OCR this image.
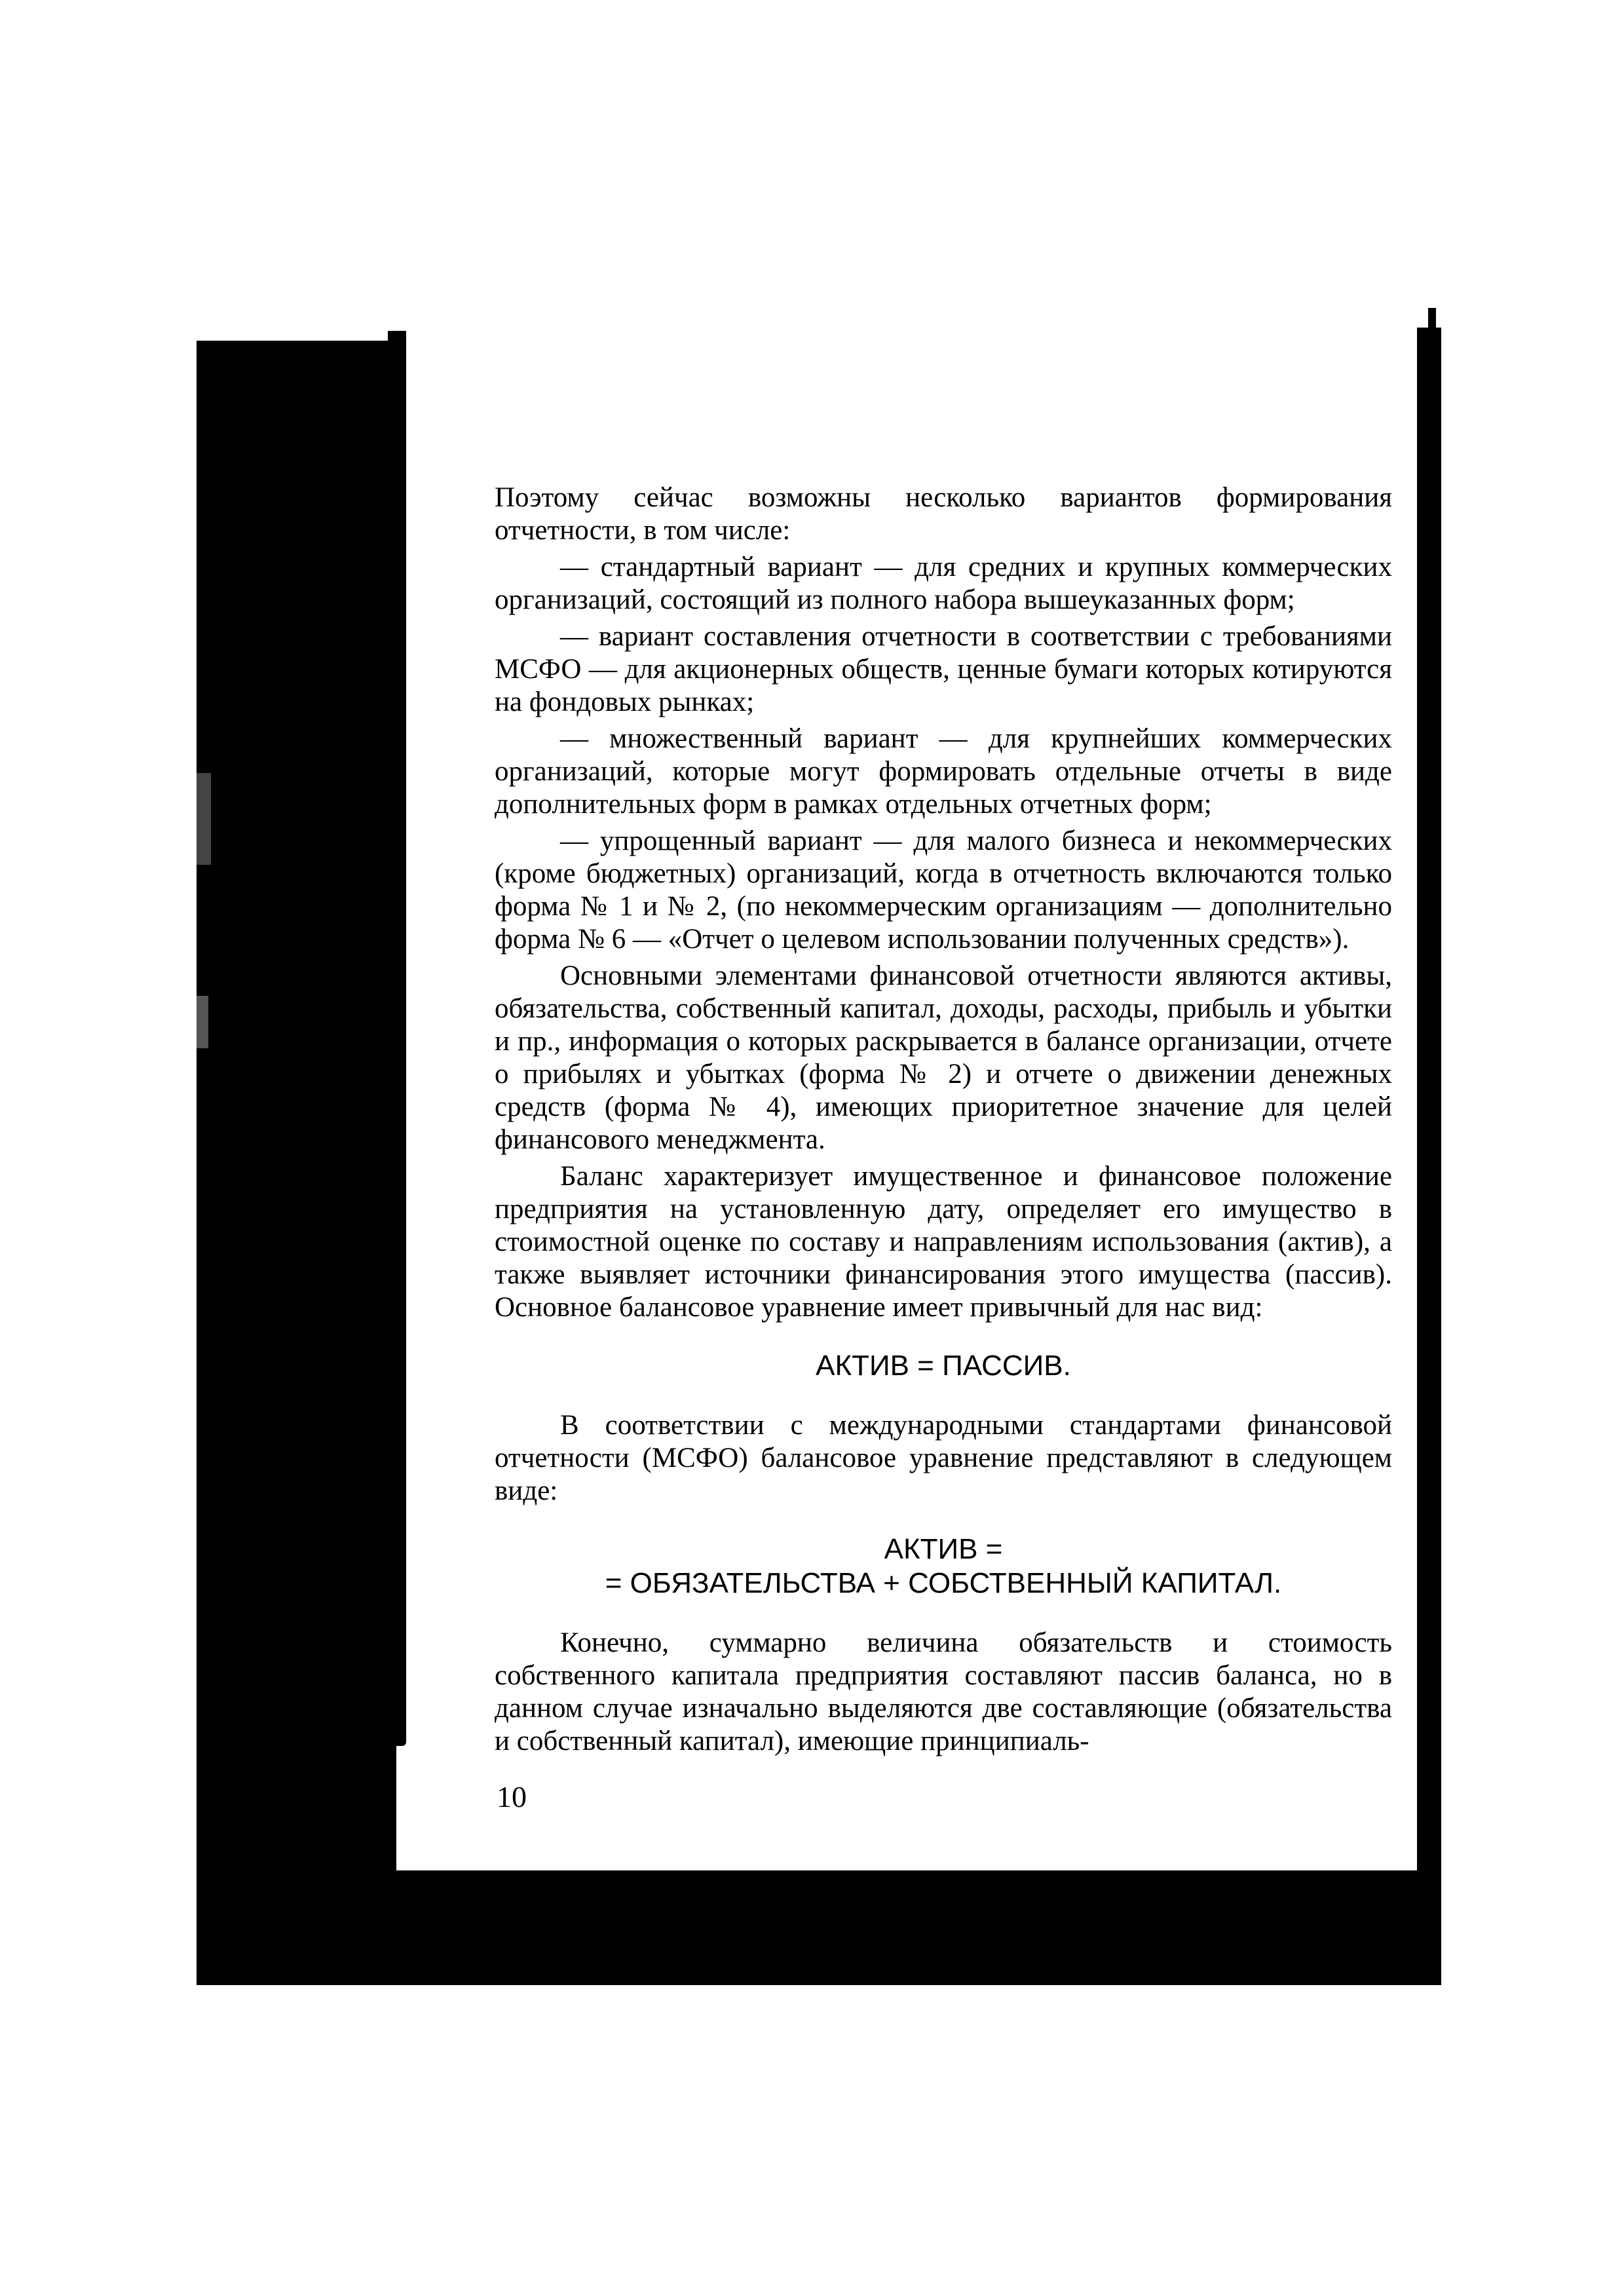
Поэтому сейчас возможны несколько вариантов формирования отчетности, в том числе:

— стандартный вариант — для средних и крупных коммерческих организаций, состоящий из полного набора вышеуказанных форм;

— вариант составления отчетности в соответствии с требованиями МСФО — для акционерных обществ, ценные бумаги которых котируются на фондовых рынках;

— множественный вариант — для крупнейших коммерческих организаций, которые могут формировать отдельные отчеты в виде дополнительных форм в рамках отдельных отчетных форм;

— упрощенный вариант — для малого бизнеса и некоммерческих (кроме бюджетных) организаций, когда в отчетность включаются только форма № 1 и № 2, (по некоммерческим организациям — дополнительно форма № 6 — «Отчет о целевом использовании полученных средств»).

Основными элементами финансовой отчетности являются активы, обязательства, собственный капитал, доходы, расходы, прибыль и убытки и пр., информация о которых раскрывается в балансе организации, отчете о прибылях и убытках (форма № 2) и отчете о движении денежных средств (форма № 4), имеющих приоритетное значение для целей финансового менеджмента.

Баланс характеризует имущественное и финансовое положение предприятия на установленную дату, определяет его имущество в стоимостной оценке по составу и направлениям использования (актив), а также выявляет источники финансирования этого имущества (пассив). Основное балансовое уравнение имеет привычный для нас вид:

АКТИВ = ПАССИВ.

В соответствии с международными стандартами финансовой отчетности (МСФО) балансовое уравнение представляют в следующем виде:

АКТИВ =
= ОБЯЗАТЕЛЬСТВА + СОБСТВЕННЫЙ КАПИТАЛ.

Конечно, суммарно величина обязательств и стоимость собственного капитала предприятия составляют пассив баланса, но в данном случае изначально выделяются две составляющие (обязательства и собственный капитал), имеющие принципиаль-

10
